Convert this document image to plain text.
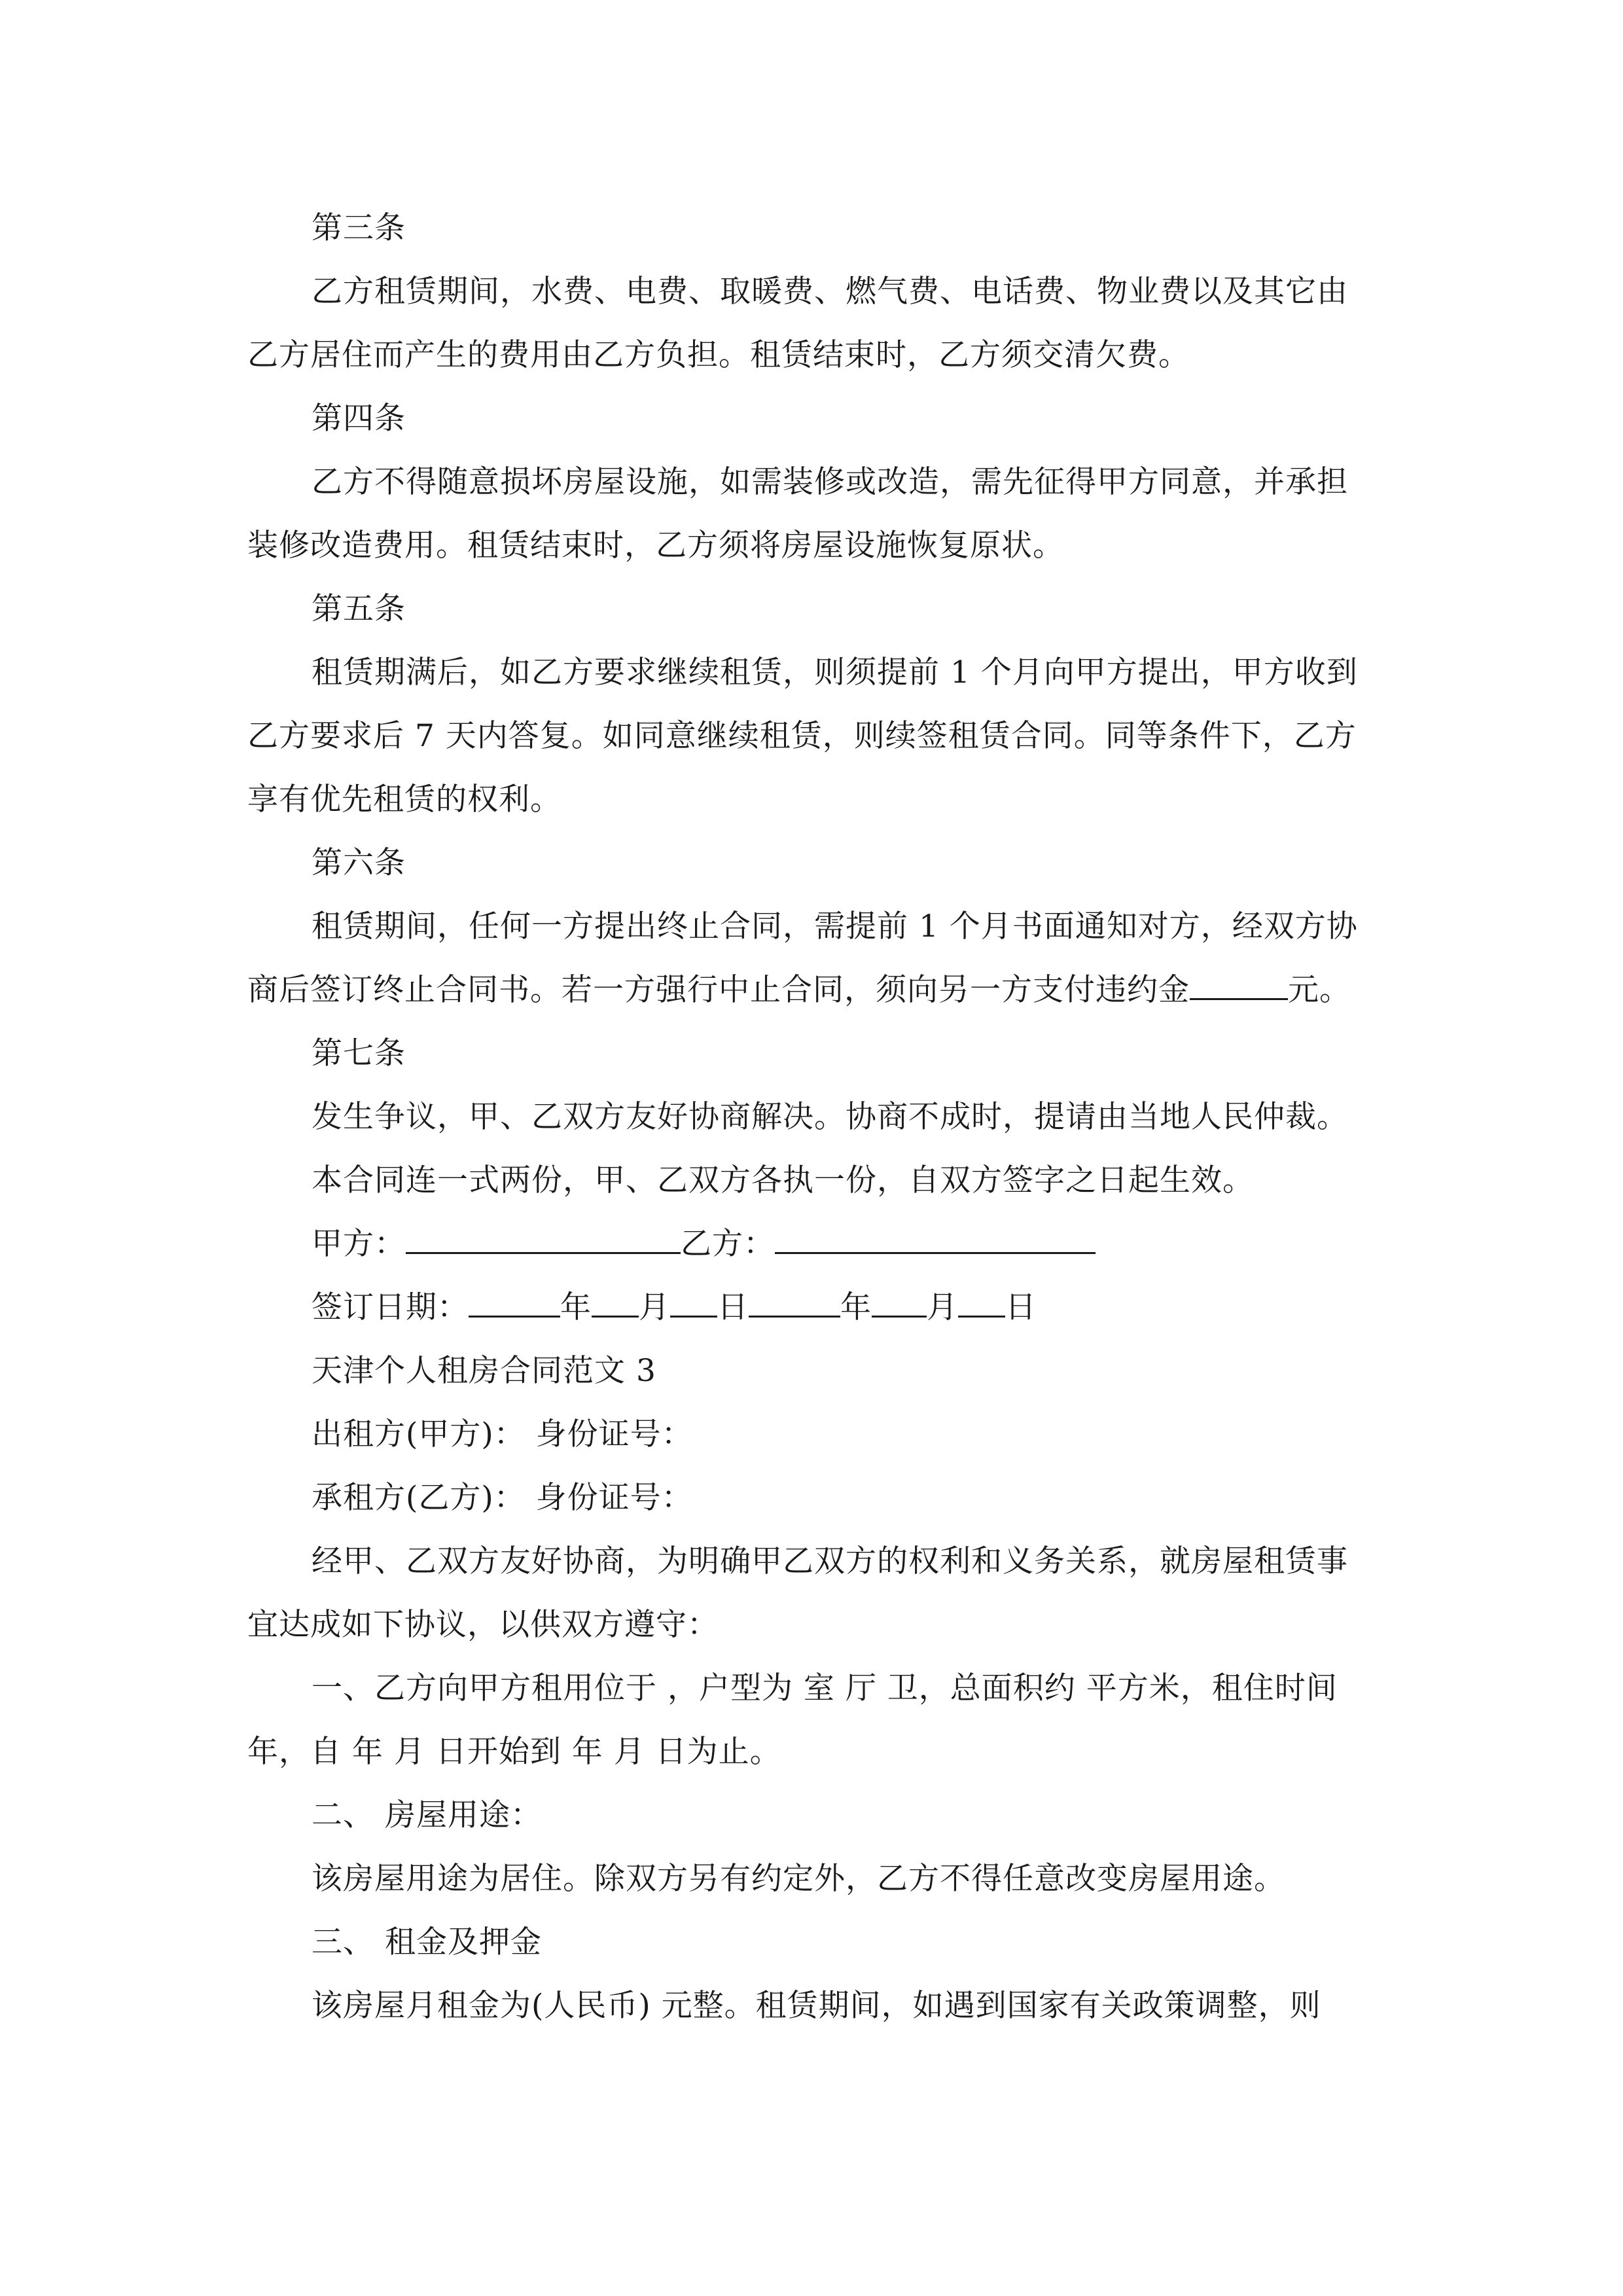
第三条
乙方租赁期间，水费、电费、取暖费、燃气费、电话费、物业费以及其它由
乙方居住而产生的费用由乙方负担。租赁结束时，乙方须交清欠费。
第四条
乙方不得随意损坏房屋设施，如需装修或改造，需先征得甲方同意，并承担
装修改造费用。租赁结束时，乙方须将房屋设施恢复原状。
第五条
租赁期满后，如乙方要求继续租赁，则须提前 1 个月向甲方提出，甲方收到
乙方要求后 7 天内答复。如同意继续租赁，则续签租赁合同。同等条件下，乙方
享有优先租赁的权利。
第六条
租赁期间，任何一方提出终止合同，需提前 1 个月书面通知对方，经双方协
商后签订终止合同书。若一方强行中止合同，须向另一方支付违约金	元。
第七条
发生争议，甲、乙双方友好协商解决。协商不成时，提请由当地人民仲裁。
本合同连一式两份，甲、乙双方各执一份，自双方签字之日起生效。
甲方：	乙方：
签订日期：	年 月 日	年 月 日
天津个人租房合同范文 3
出租方(甲方)： 身份证号：
承租方(乙方)： 身份证号：
经甲、乙双方友好协商，为明确甲乙双方的权利和义务关系，就房屋租赁事
宜达成如下协议，以供双方遵守：
一、乙方向甲方租用位于 ，户型为 室 厅 卫，总面积约 平方米，租住时间
年，自 年 月 日开始到 年 月 日为止。
二、 房屋用途：
该房屋用途为居住。除双方另有约定外，乙方不得任意改变房屋用途。
三、 租金及押金
该房屋月租金为(人民币) 元整。租赁期间，如遇到国家有关政策调整，则
